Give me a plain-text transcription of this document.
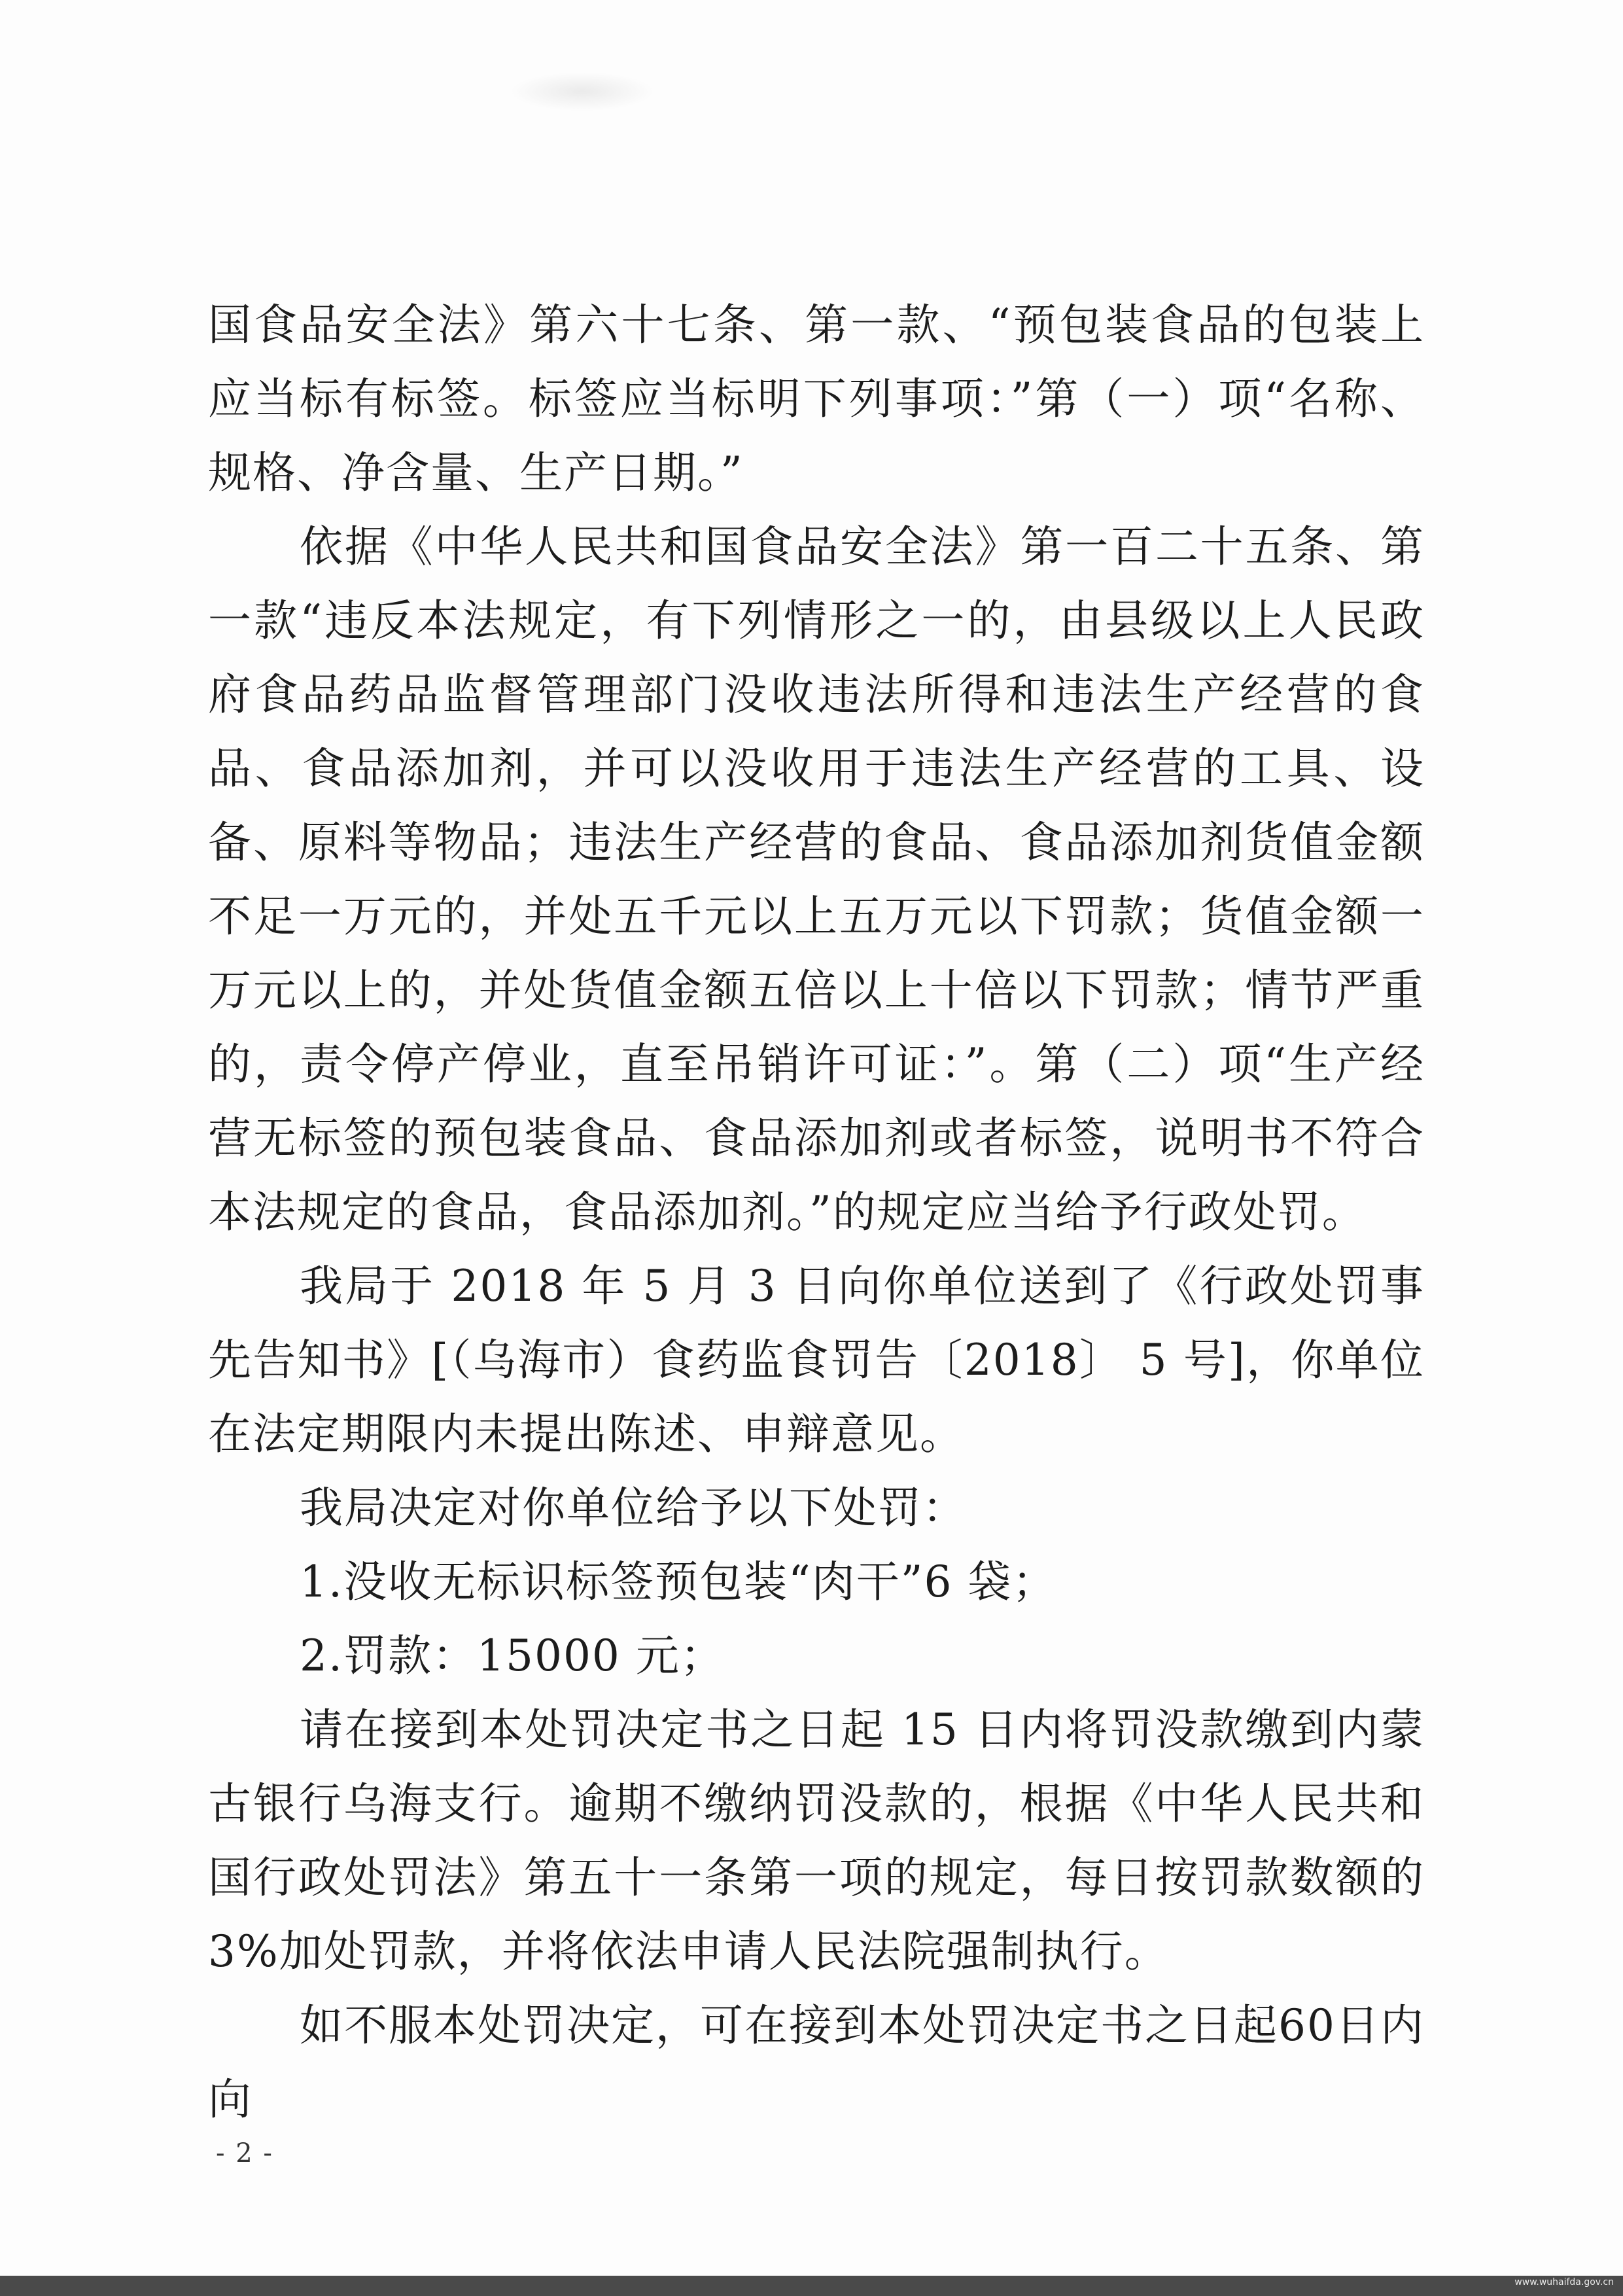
国食品安全法》第六十七条、第一款、“预包装食品的包装上应当标有标签。标签应当标明下列事项：”第（一）项“名称、规格、净含量、生产日期。”

依据《中华人民共和国食品安全法》第一百二十五条、第一款“违反本法规定，有下列情形之一的，由县级以上人民政府食品药品监督管理部门没收违法所得和违法生产经营的食品、食品添加剂，并可以没收用于违法生产经营的工具、设备、原料等物品；违法生产经营的食品、食品添加剂货值金额不足一万元的，并处五千元以上五万元以下罚款；货值金额一万元以上的，并处货值金额五倍以上十倍以下罚款；情节严重的，责令停产停业，直至吊销许可证：”。第（二）项“生产经营无标签的预包装食品、食品添加剂或者标签，说明书不符合本法规定的食品，食品添加剂。”的规定应当给予行政处罚。

我局于 2018 年 5 月 3 日向你单位送到了《行政处罚事先告知书》[（乌海市）食药监食罚告〔2018〕 5 号]，你单位在法定期限内未提出陈述、申辩意见。

我局决定对你单位给予以下处罚：

1.没收无标识标签预包装“肉干”6 袋；

2.罚款：15000 元；

请在接到本处罚决定书之日起 15 日内将罚没款缴到内蒙古银行乌海支行。逾期不缴纳罚没款的，根据《中华人民共和国行政处罚法》第五十一条第一项的规定，每日按罚款数额的 3%加处罚款，并将依法申请人民法院强制执行。

如不服本处罚决定，可在接到本处罚决定书之日起60日内向

- 2 -
www.wuhaifda.gov.cn
